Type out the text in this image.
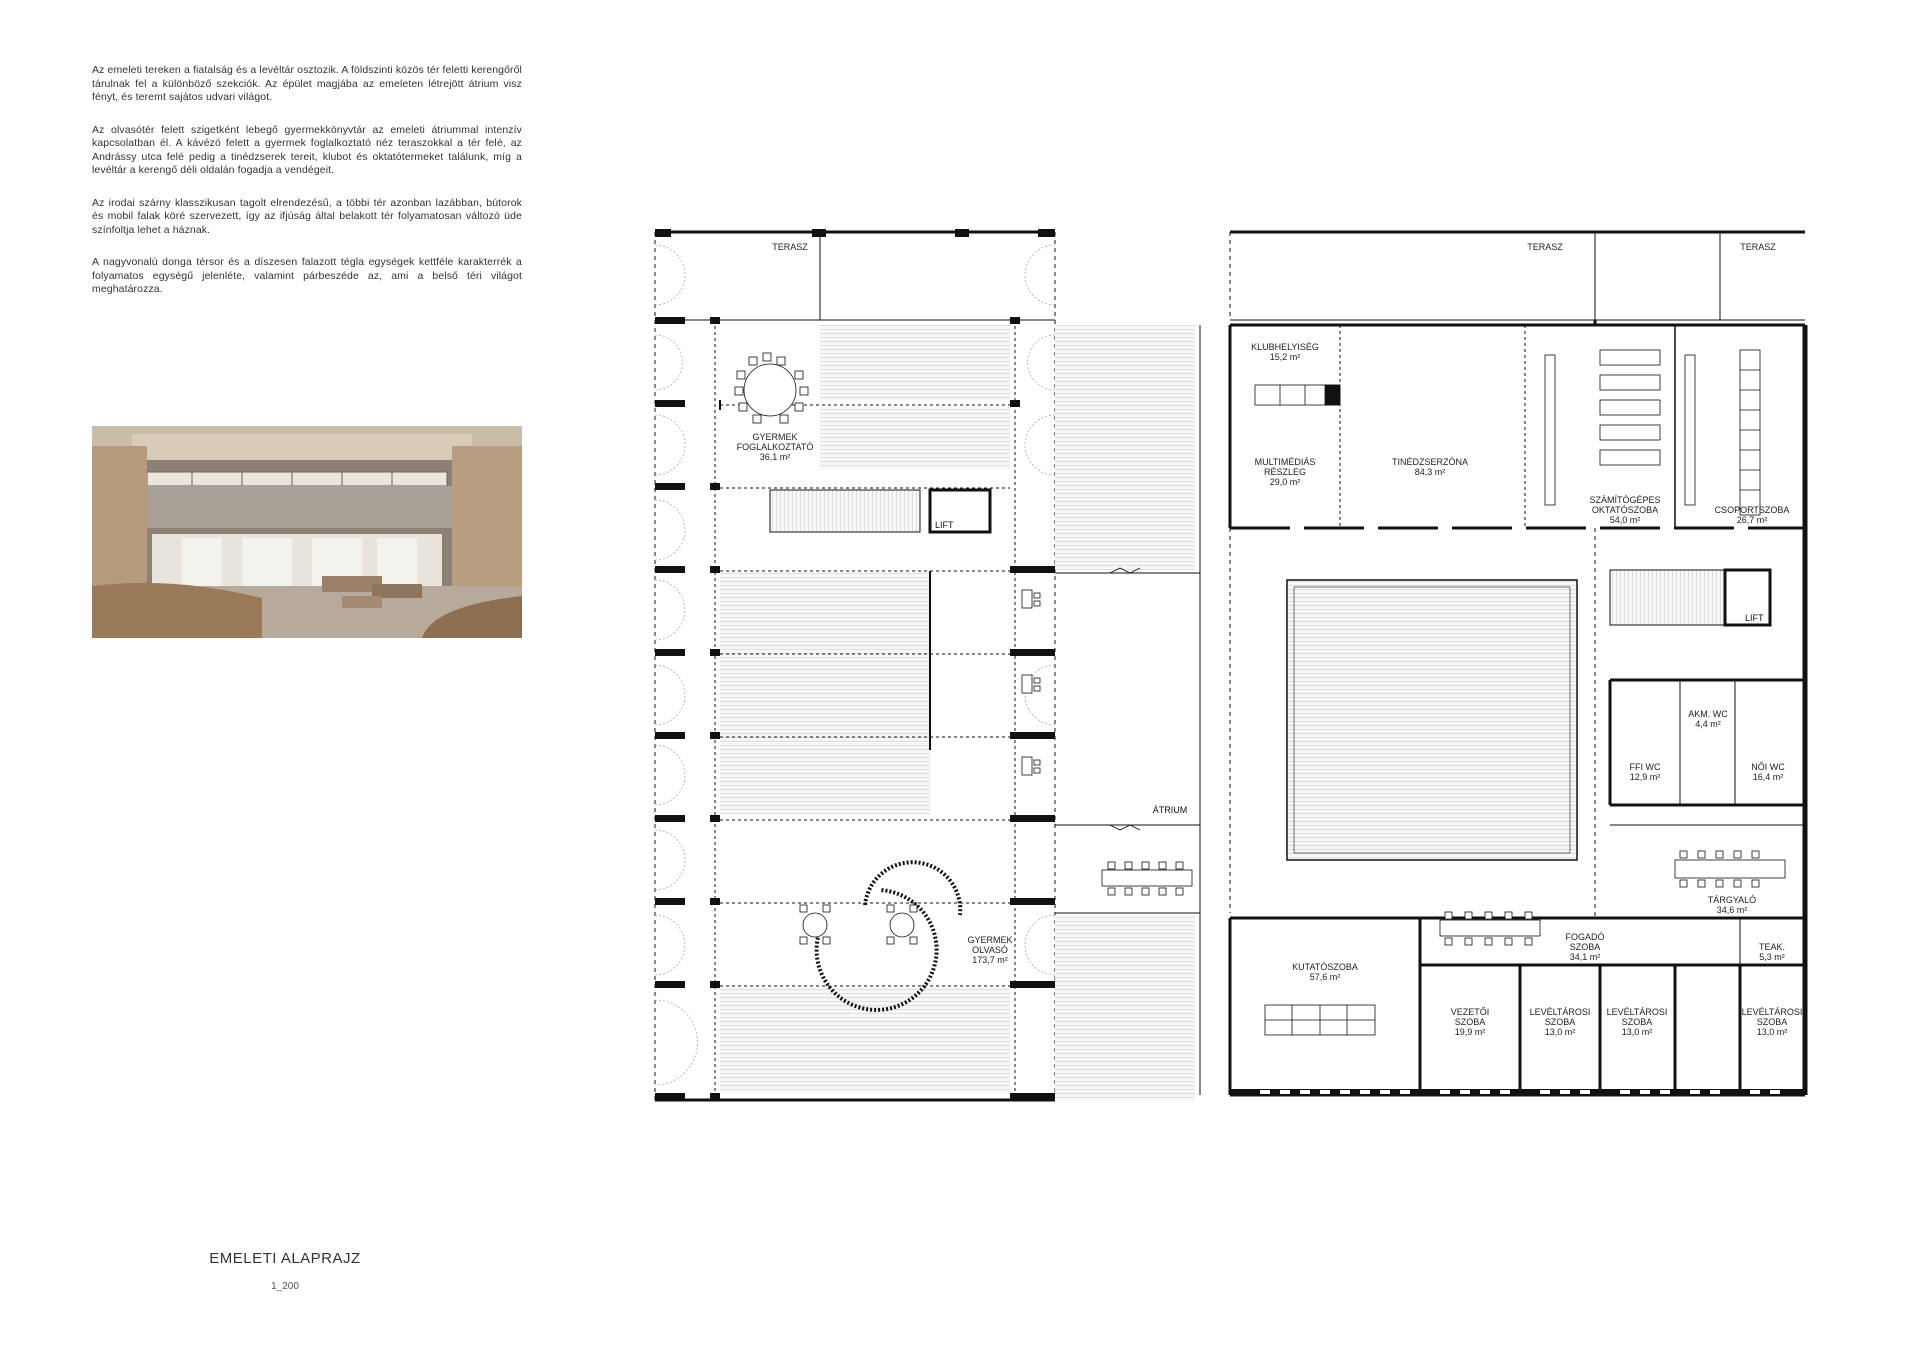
Az emeleti tereken a fiatalság és a levéltár osztozik. A földszinti közös tér feletti kerengőről tárulnak fel a különböző szekciók. Az épület magjába az emeleten létrejött átrium visz fényt, és teremt sajátos udvari világot.

Az olvasótér felett szigetként lebegő gyermekkönyvtár az emeleti átriummal intenzív kapcsolatban él. A kávézó felett a gyermek foglalkoztató néz teraszokkal a tér felé, az Andrássy utca felé pedig a tinédzserek tereit, klubot és oktatótermeket találunk, míg a levéltár a kerengő déli oldalán fogadja a vendégeit.

Az irodai szárny klasszikusan tagolt elrendezésű, a többi tér azonban lazábban, bútorok és mobil falak köré szervezett, így az ifjúság által belakott tér folyamatosan változó üde színfoltja lehet a háznak.

A nagyvonalú donga térsor és a díszesen falazott tégla egységek kettféle karakterrék a folyamatos egységű jelenléte, valamint párbeszéde az, ami a belső téri világot meghatározza.

EMELETI ALAPRAJZ
1_200
LIFT
ÁTRIUM
LIFT
TERASZ	TERASZ	TERASZ
GYERMEK
FOGLALKOZTATÓ
36,1 m²
GYERMEK
OLVASÓ
173,7 m²
KLUBHELYISÉG
15,2 m²
MULTIMÉDIÁS
RÉSZLEG
29,0 m²
TINÉDZSERZÓNA
84,3 m²
SZÁMÍTÓGÉPES
OKTATÓSZOBA
54,0 m²
CSOPORTSZOBA
26,7 m²
AKM. WC
4,4 m²
FFI WC
12,9 m²
NŐI WC
16,4 m²
TÁRGYALÓ
34,6 m²
TEAK.
5,3 m²
KUTATÓSZOBA
57,6 m²
FOGADÓ
SZOBA
34,1 m²
VEZETŐI
SZOBA
19,9 m²
LEVÉLTÁROSI
SZOBA
13,0 m²
LEVÉLTÁROSI
SZOBA
13,0 m²
LEVÉLTÁROSI
SZOBA
13,0 m²
